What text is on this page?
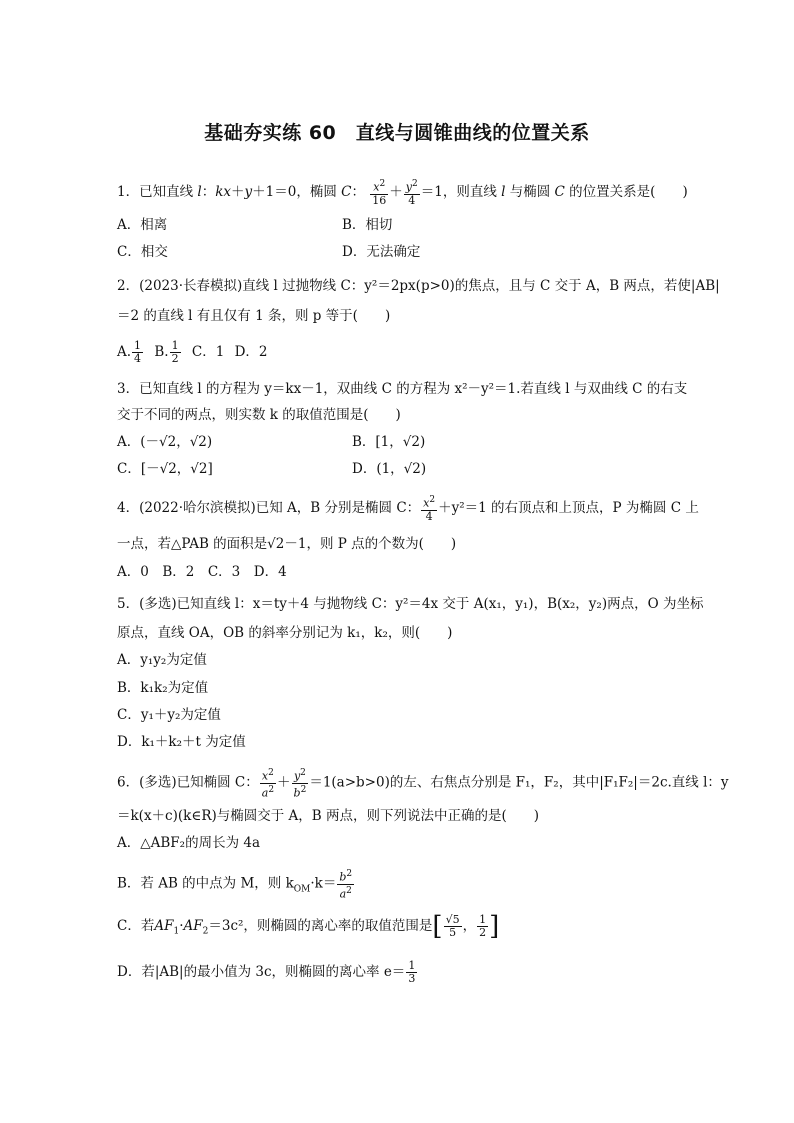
基础夯实练 60　直线与圆锥曲线的位置关系
1．已知直线 l：kx＋y＋1＝0，椭圆 C： $\frac{x^2}{16} + \frac{y^2}{4} =1$，则直线 l 与椭圆 C 的位置关系是(　　)
A．相离	B．相切
C．相交	D．无法确定
2．(2023·长春模拟)直线 l 过抛物线 C：y²＝2px(p>0)的焦点，且与 C 交于 A，B 两点，若使|AB|
＝2 的直线 l 有且仅有 1 条，则 p 等于(　　)
A. $\frac{1}{4} B$. $\frac{1}{2}$ C．1 D．2
3．已知直线 l 的方程为 y＝kx－1，双曲线 C 的方程为 x²－y²＝1.若直线 l 与双曲线 C 的右支
交于不同的两点，则实数 k 的取值范围是(　　)
A．(－√2，√2)	B．[1，√2)
C．[－√2，√2]	D．(1，√2)
4．(2022·哈尔滨模拟)已知 A，B 分别是椭圆 C： $\frac{x^2}{4} +y^2=1$ 的右顶点和上顶点，P 为椭圆 C 上
一点，若△PAB 的面积是√2－1，则 P 点的个数为(　　)
A．0　B．2　C．3　D．4
5．(多选)已知直线 l：x＝ty＋4 与抛物线 C：y²＝4x 交于 A(x₁，y₁)，B(x₂，y₂)两点，O 为坐标
原点，直线 OA，OB 的斜率分别记为 k₁，k₂，则(　　)
A．y₁y₂为定值
B．k₁k₂为定值
C．y₁＋y₂为定值
D．k₁＋k₂＋t 为定值
6．(多选)已知椭圆 C： $\frac{x^2}{a^2} + \frac{y^2}{b^2} =1(a>b>0)$的左、右焦点分别是 F₁，F₂，其中|F₁F₂|＝2c.直线 l：y
＝k(x＋c)(k∈R)与椭圆交于 A，B 两点，则下列说法中正确的是(　　)
A．△ABF₂的周长为 4a
B．若 AB 的中点为 M，则 $k_{OM}\cdot k= \frac{b^2}{a^2}$
C．若$AF_1\cdot AF_2=3c^2$，则椭圆的离心率的取值范围是[ $\frac{√5}{5}$ ， $\frac{1}{2}$ ]
D．若|AB|的最小值为 3c，则椭圆的离心率 $e= \frac{1}{3}$
